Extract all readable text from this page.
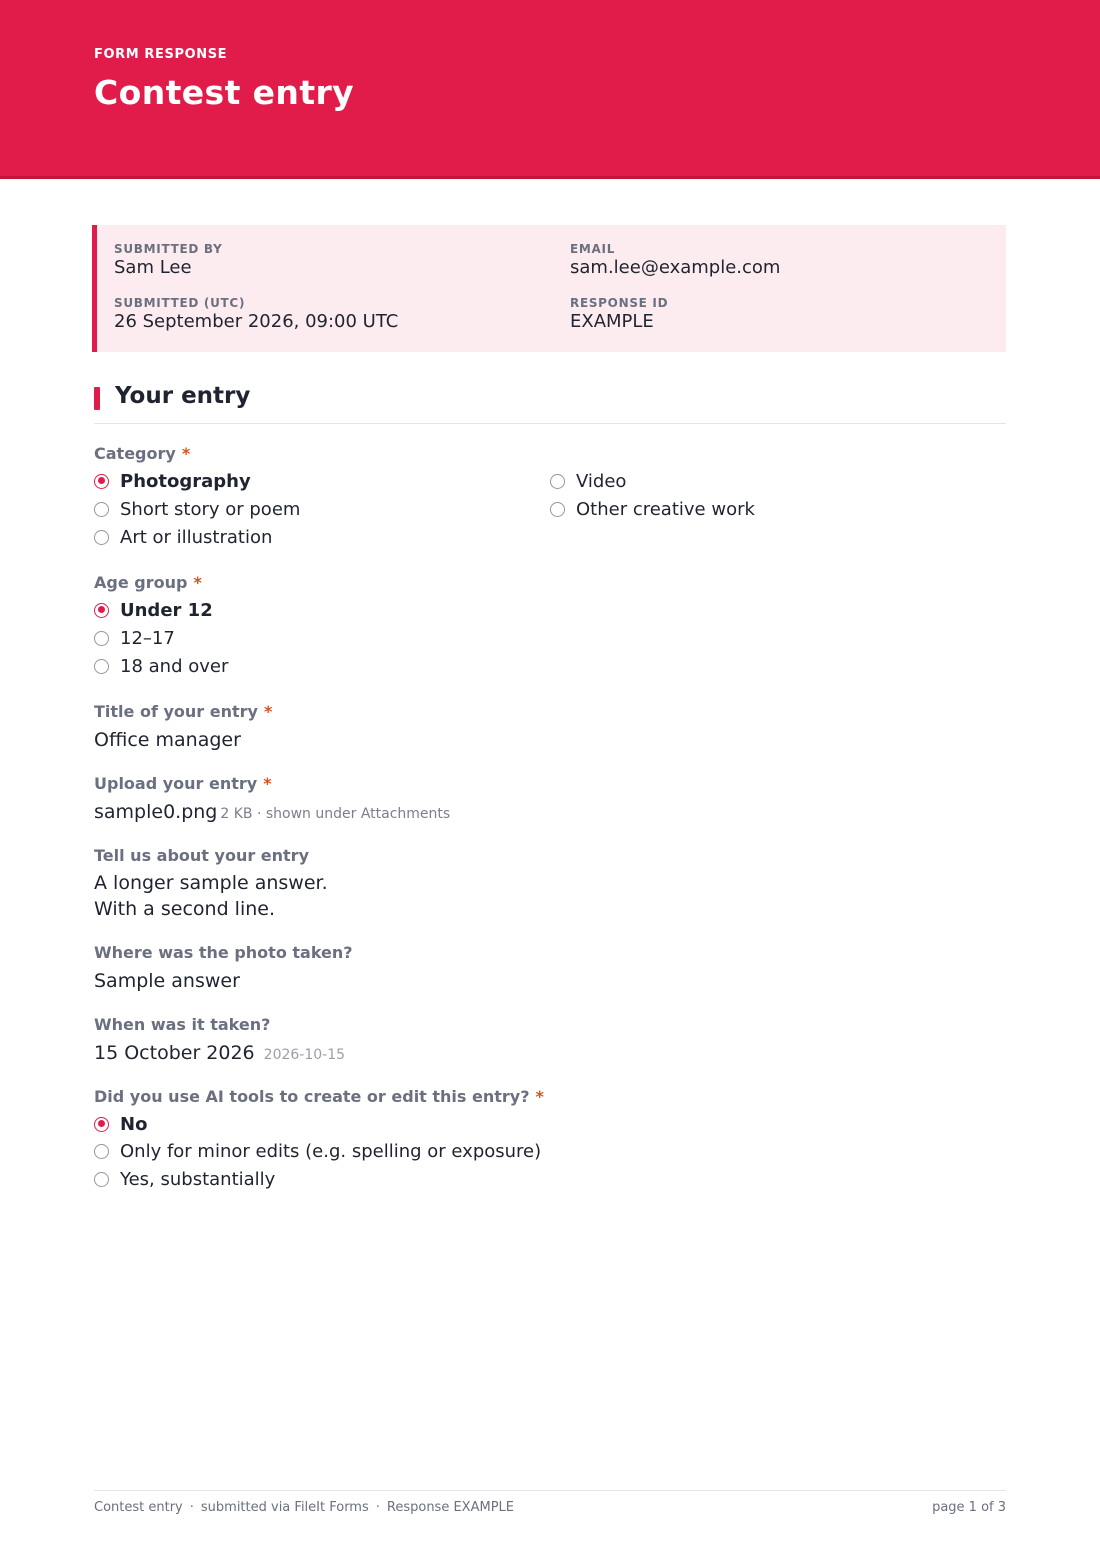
FORM RESPONSE
Contest entry
SUBMITTED BY
Sam Lee
EMAIL
sam.lee@example.com
SUBMITTED (UTC)
26 September 2026, 09:00 UTC
RESPONSE ID
EXAMPLE
Your entry
Category *
Photography
Short story or poem
Art or illustration
Video
Other creative work
Age group *
Under 12
12–17
18 and over
Title of your entry *
Office manager
Upload your entry *
sample0.png 2 KB · shown under Attachments
Tell us about your entry
A longer sample answer.
With a second line.
Where was the photo taken?
Sample answer
When was it taken?
15 October 2026 2026-10-15
Did you use AI tools to create or edit this entry? *
No
Only for minor edits (e.g. spelling or exposure)
Yes, substantially
Contest entry · submitted via FileIt Forms · Response EXAMPLE	page 1 of 3
